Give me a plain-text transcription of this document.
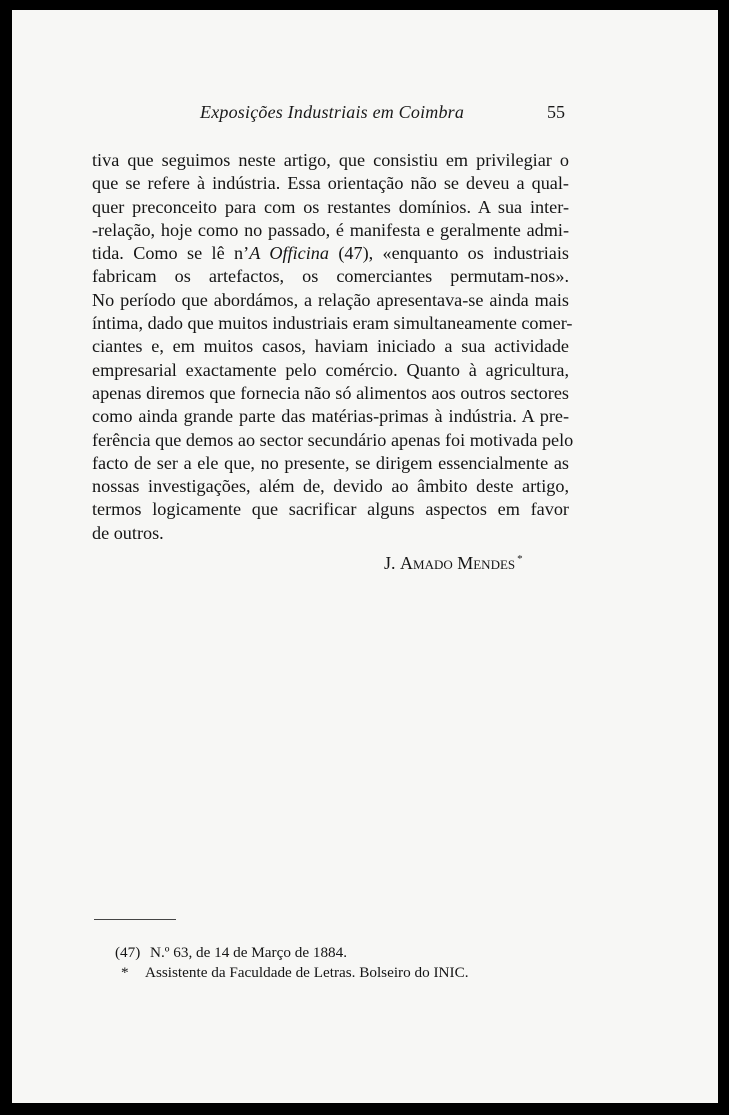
Exposições Industriais em Coimbra	55
tiva que seguimos neste artigo, que consistiu em privilegiar o
que se refere à indústria. Essa orientação não se deveu a qual-
quer preconceito para com os restantes domínios. A sua inter-
-relação, hoje como no passado, é manifesta e geralmente admi-
tida. Como se lê n’A Officina (47), «enquanto os industriais
fabricam os artefactos, os comerciantes permutam-nos».
No período que abordámos, a relação apresentava-se ainda mais
íntima, dado que muitos industriais eram simultaneamente comer-
ciantes e, em muitos casos, haviam iniciado a sua actividade
empresarial exactamente pelo comércio. Quanto à agricultura,
apenas diremos que fornecia não só alimentos aos outros sectores
como ainda grande parte das matérias-primas à indústria. A pre-
ferência que demos ao sector secundário apenas foi motivada pelo
facto de ser a ele que, no presente, se dirigem essencialmente as
nossas investigações, além de, devido ao âmbito deste artigo,
termos logicamente que sacrificar alguns aspectos em favor
de outros.
J. Amado Mendes *
(47) N.º 63, de 14 de Março de 1884.
* Assistente da Faculdade de Letras. Bolseiro do INIC.
